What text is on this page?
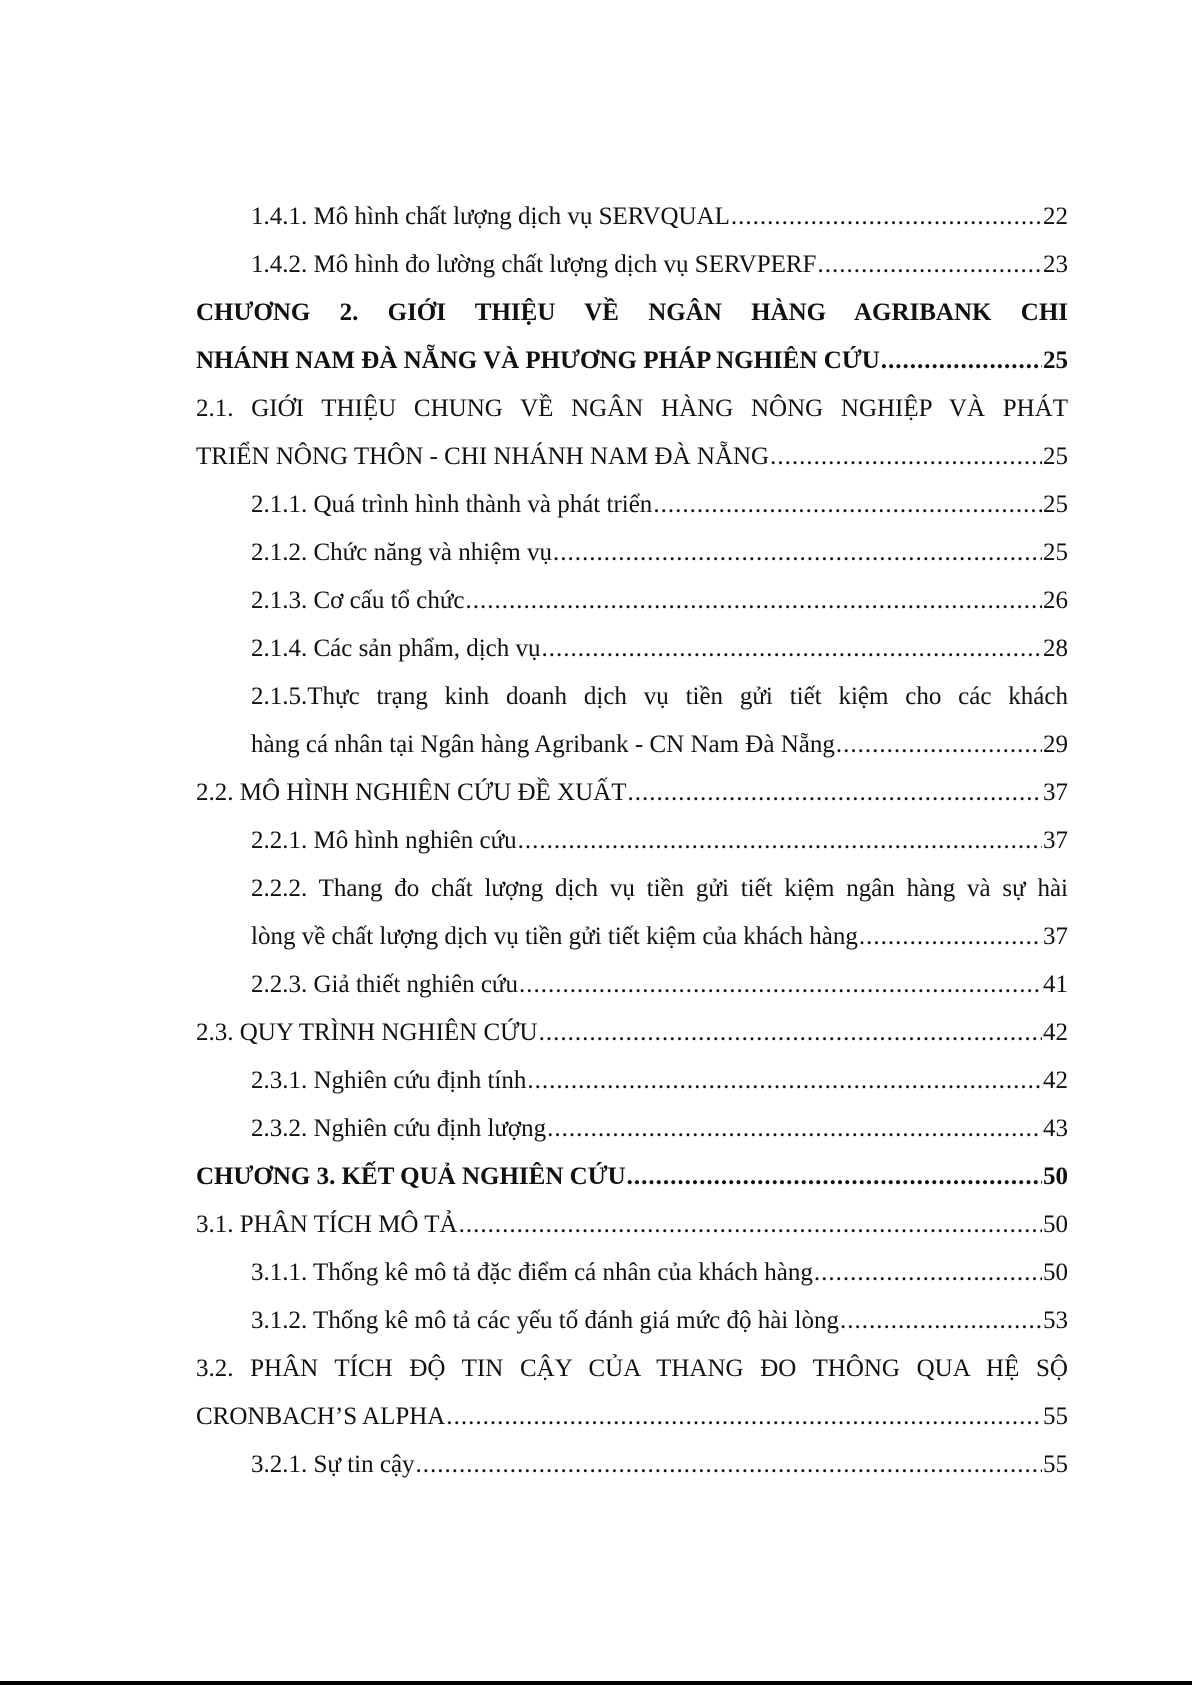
1.4.1. Mô hình chất lượng dịch vụ SERVQUAL .....	22
1.4.2. Mô hình đo lường chất lượng dịch vụ SERVPERF .....	23
CHƯƠNG 2. GIỚI THIỆU VỀ NGÂN HÀNG AGRIBANK CHI
NHÁNH NAM ĐÀ NẴNG VÀ PHƯƠNG PHÁP NGHIÊN CỨU .....	25
2.1. GIỚI THIỆU CHUNG VỀ NGÂN HÀNG NÔNG NGHIỆP VÀ PHÁT
TRIỂN NÔNG THÔN - CHI NHÁNH NAM ĐÀ NẴNG .....	25
2.1.1. Quá trình hình thành và phát triển .....	25
2.1.2. Chức năng và nhiệm vụ .....	25
2.1.3. Cơ cấu tổ chức .....	26
2.1.4. Các sản phẩm, dịch vụ .....	28
2.1.5.Thực trạng kinh doanh dịch vụ tiền gửi tiết kiệm cho các khách
hàng cá nhân tại Ngân hàng Agribank - CN Nam Đà Nẵng .....	29
2.2. MÔ HÌNH NGHIÊN CỨU ĐỀ XUẤT .....	37
2.2.1. Mô hình nghiên cứu .....	37
2.2.2. Thang đo chất lượng dịch vụ tiền gửi tiết kiệm ngân hàng và sự hài
lòng về chất lượng dịch vụ tiền gửi tiết kiệm của khách hàng .....	37
2.2.3. Giả thiết nghiên cứu .....	41
2.3. QUY TRÌNH NGHIÊN CỨU .....	42
2.3.1. Nghiên cứu định tính .....	42
2.3.2. Nghiên cứu định lượng .....	43
CHƯƠNG 3. KẾT QUẢ NGHIÊN CỨU .....	50
3.1. PHÂN TÍCH MÔ TẢ .....	50
3.1.1. Thống kê mô tả đặc điểm cá nhân của khách hàng .....	50
3.1.2. Thống kê mô tả các yếu tố đánh giá mức độ hài lòng .....	53
3.2. PHÂN TÍCH ĐỘ TIN CẬY CỦA THANG ĐO THÔNG QUA HỆ SỘ
CRONBACH’S ALPHA .....	55
3.2.1. Sự tin cậy .....	55
